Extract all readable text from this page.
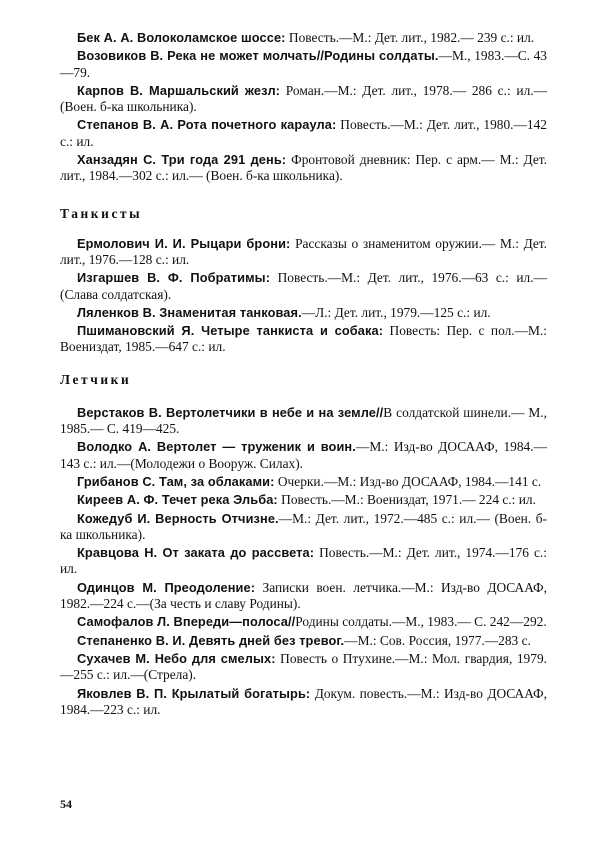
Бек А. А. Волоколамское шоссе: Повесть.—М.: Дет. лит., 1982.— 239 с.: ил.

Возовиков В. Река не может молчать//Родины солдаты.—М., 1983.—С. 43—79.

Карпов В. Маршальский жезл: Роман.—М.: Дет. лит., 1978.— 286 с.: ил.—(Воен. б-ка школьника).

Степанов В. А. Рота почетного караула: Повесть.—М.: Дет. лит., 1980.—142 с.: ил.

Ханзадян С. Три года 291 день: Фронтовой дневник: Пер. с арм.— М.: Дет. лит., 1984.—302 с.: ил.— (Воен. б-ка школьника).

Танкисты

Ермолович И. И. Рыцари брони: Рассказы о знаменитом оружии.— М.: Дет. лит., 1976.—128 с.: ил.

Изгаршев В. Ф. Побратимы: Повесть.—М.: Дет. лит., 1976.—63 с.: ил.—(Слава солдатская).

Ляленков В. Знаменитая танковая.—Л.: Дет. лит., 1979.—125 с.: ил.

Пшимановский Я. Четыре танкиста и собака: Повесть: Пер. с пол.—М.: Воениздат, 1985.—647 с.: ил.

Летчики

Верстаков В. Вертолетчики в небе и на земле//В солдатской шинели.— М., 1985.— С. 419—425.

Володко А. Вертолет — труженик и воин.—М.: Изд-во ДОСААФ, 1984.—143 с.: ил.—(Молодежи о Вооруж. Силах).

Грибанов С. Там, за облаками: Очерки.—М.: Изд-во ДОСААФ, 1984.—141 с.

Киреев А. Ф. Течет река Эльба: Повесть.—М.: Воениздат, 1971.— 224 с.: ил.

Кожедуб И. Верность Отчизне.—М.: Дет. лит., 1972.—485 с.: ил.— (Воен. б-ка школьника).

Кравцова Н. От заката до рассвета: Повесть.—М.: Дет. лит., 1974.—176 с.: ил.

Одинцов М. Преодоление: Записки воен. летчика.—М.: Изд-во ДОСААФ, 1982.—224 с.—(За честь и славу Родины).

Самофалов Л. Впереди—полоса//Родины солдаты.—М., 1983.— С. 242—292.

Степаненко В. И. Девять дней без тревог.—М.: Сов. Россия, 1977.—283 с.

Сухачев М. Небо для смелых: Повесть о Птухине.—М.: Мол. гвардия, 1979.—255 с.: ил.—(Стрела).

Яковлев В. П. Крылатый богатырь: Докум. повесть.—М.: Изд-во ДОСААФ, 1984.—223 с.: ил.

54
